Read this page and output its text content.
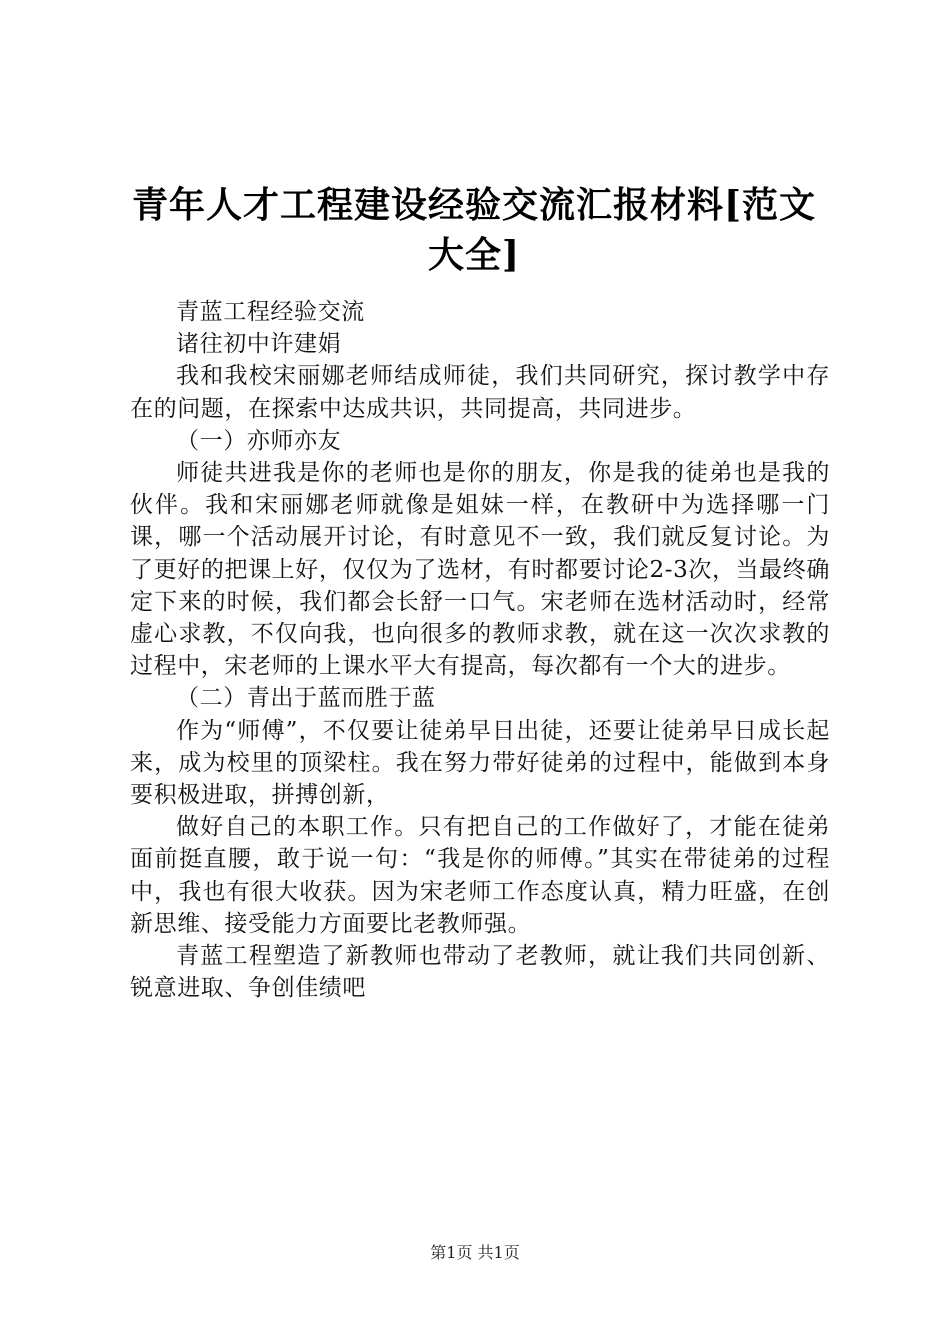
青年人才工程建设经验交流汇报材料[范文大全]

青蓝工程经验交流

诸往初中许建娟

我和我校宋丽娜老师结成师徒，我们共同研究，探讨教学中存在的问题，在探索中达成共识，共同提高，共同进步。

（一）亦师亦友

师徒共进我是你的老师也是你的朋友，你是我的徒弟也是我的伙伴。我和宋丽娜老师就像是姐妹一样，在教研中为选择哪一门课，哪一个活动展开讨论，有时意见不一致，我们就反复讨论。为了更好的把课上好，仅仅为了选材，有时都要讨论2-3次，当最终确定下来的时候，我们都会长舒一口气。宋老师在选材活动时，经常虚心求教，不仅向我，也向很多的教师求教，就在这一次次求教的过程中，宋老师的上课水平大有提高，每次都有一个大的进步。

（二）青出于蓝而胜于蓝

作为“师傅”，不仅要让徒弟早日出徒，还要让徒弟早日成长起来，成为校里的顶梁柱。我在努力带好徒弟的过程中，能做到本身要积极进取，拼搏创新，

做好自己的本职工作。只有把自己的工作做好了，才能在徒弟面前挺直腰，敢于说一句：“我是你的师傅。”其实在带徒弟的过程中，我也有很大收获。因为宋老师工作态度认真，精力旺盛，在创新思维、接受能力方面要比老教师强。

青蓝工程塑造了新教师也带动了老教师，就让我们共同创新、锐意进取、争创佳绩吧

第1页 共1页
